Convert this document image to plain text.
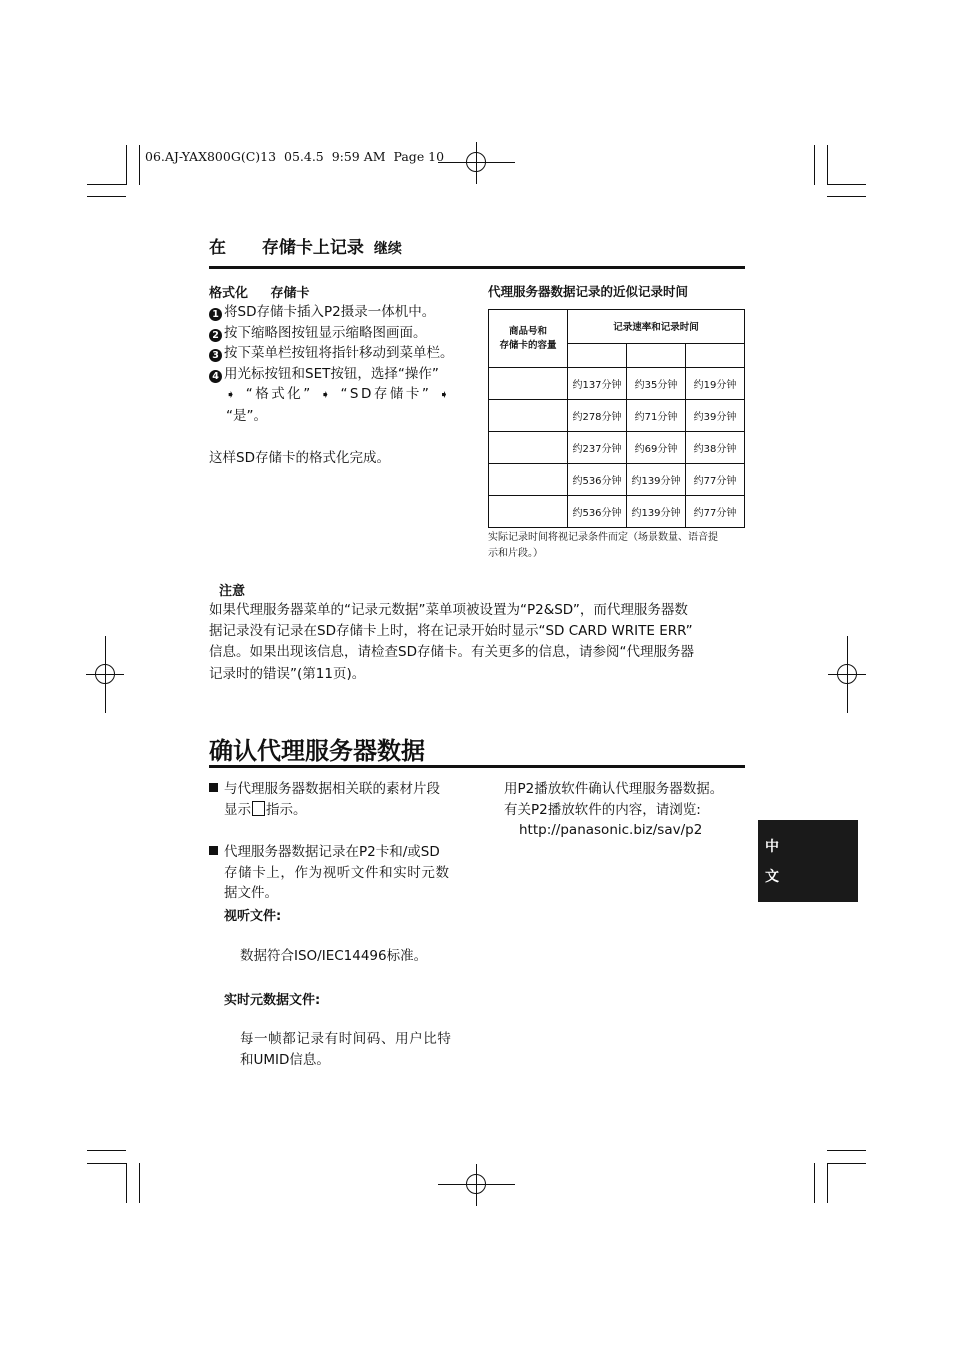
06.AJ-YAX800G(C)13  05.4.5  9:59 AM  Page 10
在 存储卡上记录 继续
格式化 存储卡
1 将SD存储卡插入P2摄录一体机中。
2 按下缩略图按钮显示缩略图画面。
3 按下菜单栏按钮将指针移动到菜单栏。
4 用光标按钮和SET按钮，选择“操作”
➧ “格式化” ➧ “SD存储卡” ➧
“是”。
这样SD存储卡的格式化完成。
代理服务器数据记录的近似记录时间
商品号和
存储卡的容量	记录速率和记录时间		

	约137分钟	约35分钟	约19分钟
	约278分钟	约71分钟	约39分钟
	约237分钟	约69分钟	约38分钟
	约536分钟	约139分钟	约77分钟
	约536分钟	约139分钟	约77分钟
实际记录时间将视记录条件而定（场景数量、语音提
示和片段。）
注意
如果代理服务器菜单的“记录元数据”菜单项被设置为“P2&SD”，而代理服务器数
据记录没有记录在SD存储卡上时，将在记录开始时显示“SD CARD WRITE ERR”
信息。如果出现该信息，请检查SD存储卡。有关更多的信息，请参阅“代理服务器
记录时的错误”(第11页)。
确认代理服务器数据
与代理服务器数据相关联的素材片段
显示 指示。
代理服务器数据记录在P2卡和/或SD
存储卡上，作为视听文件和实时元数
据文件。
视听文件:
数据符合ISO/IEC14496标准。
实时元数据文件:
每一帧都记录有时间码、用户比特
和UMID信息。
用P2播放软件确认代理服务器数据。
有关P2播放软件的内容，请浏览:
http://panasonic.biz/sav/p2
中
文
